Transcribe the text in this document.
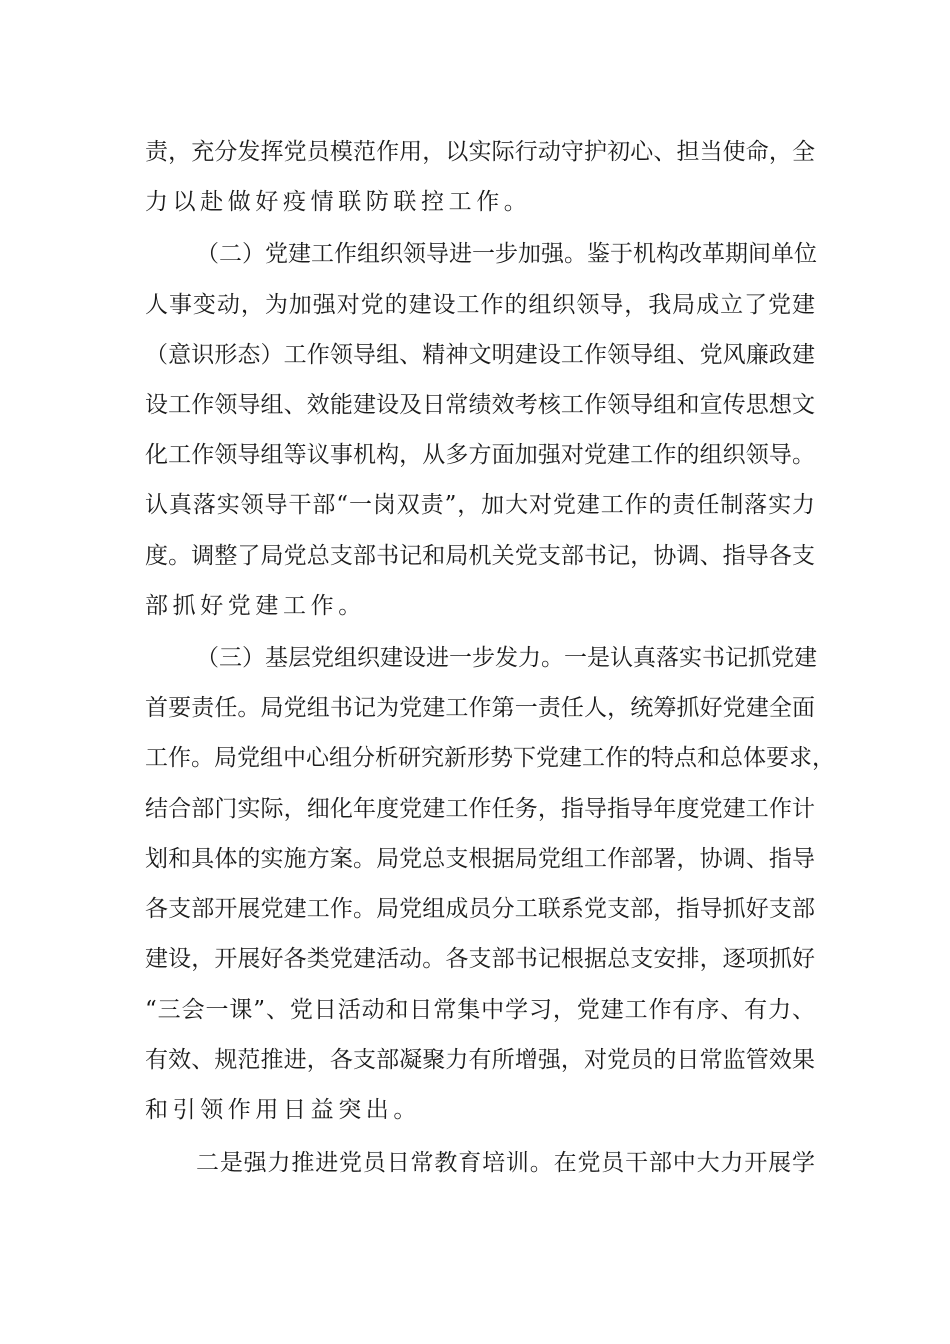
责，充分发挥党员模范作用，以实际行动守护初心、担当使命，全
力以赴做好疫情联防联控工作。
（二）党建工作组织领导进一步加强。鉴于机构改革期间单位
人事变动，为加强对党的建设工作的组织领导，我局成立了党建
（意识形态）工作领导组、精神文明建设工作领导组、党风廉政建
设工作领导组、效能建设及日常绩效考核工作领导组和宣传思想文
化工作领导组等议事机构，从多方面加强对党建工作的组织领导。
认真落实领导干部“一岗双责”，加大对党建工作的责任制落实力
度。调整了局党总支部书记和局机关党支部书记，协调、指导各支
部抓好党建工作。
（三）基层党组织建设进一步发力。一是认真落实书记抓党建
首要责任。局党组书记为党建工作第一责任人，统筹抓好党建全面
工作。局党组中心组分析研究新形势下党建工作的特点和总体要求，
结合部门实际，细化年度党建工作任务，指导指导年度党建工作计
划和具体的实施方案。局党总支根据局党组工作部署，协调、指导
各支部开展党建工作。局党组成员分工联系党支部，指导抓好支部
建设，开展好各类党建活动。各支部书记根据总支安排，逐项抓好
“三会一课”、党日活动和日常集中学习，党建工作有序、有力、
有效、规范推进，各支部凝聚力有所增强，对党员的日常监管效果
和引领作用日益突出。
二是强力推进党员日常教育培训。在党员干部中大力开展学
